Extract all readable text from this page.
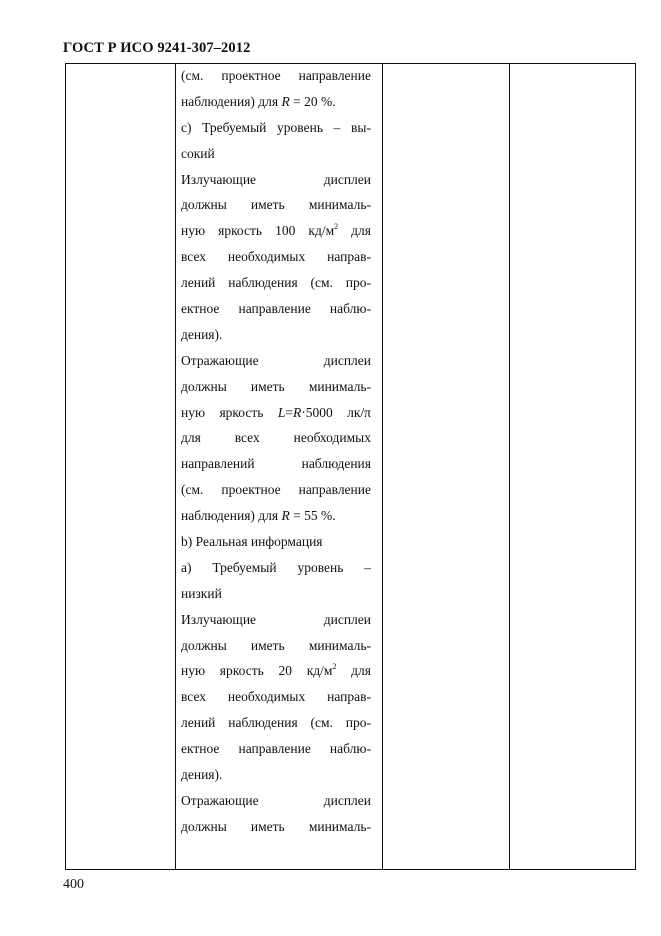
ГОСТ Р ИСО 9241-307–2012
(см. проектное направление
наблюдения) для R = 20 %.
c) Требуемый уровень – вы-
сокий
Излучающие дисплеи
должны иметь минималь-
ную яркость 100 $кд/м^2$ для
всех необходимых направ-
лений наблюдения (см. про-
ектное направление наблю-
дения).
Отражающие дисплеи
должны иметь минималь-
ную яркость L=R·5000 лк/π
для всех необходимых
направлений наблюдения
(см. проектное направление
наблюдения) для R = 55 %.
b) Реальная информация
a) Требуемый уровень –
низкий
Излучающие дисплеи
должны иметь минималь-
ную яркость 20 $кд/м^2$ для
всех необходимых направ-
лений наблюдения (см. про-
ектное направление наблю-
дения).
Отражающие дисплеи
должны иметь минималь-
400
